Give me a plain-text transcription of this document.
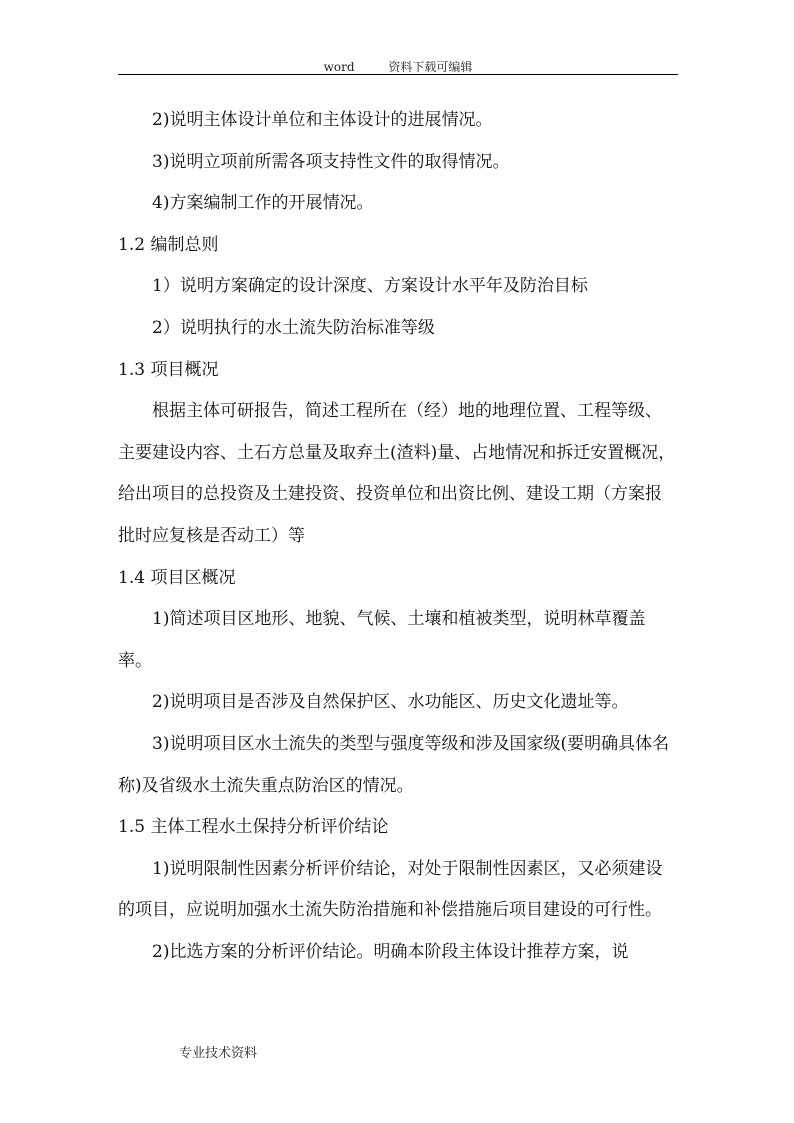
word	资料下载可编辑

2)说明主体设计单位和主体设计的进展情况。

3)说明立项前所需各项支持性文件的取得情况。

4)方案编制工作的开展情况。

1.2 编制总则

1）说明方案确定的设计深度、方案设计水平年及防治目标

2）说明执行的水土流失防治标准等级

1.3 项目概况

根据主体可研报告，简述工程所在（经）地的地理位置、工程等级、主要建设内容、土石方总量及取弃土(渣料)量、占地情况和拆迁安置概况，给出项目的总投资及土建投资、投资单位和出资比例、建设工期（方案报批时应复核是否动工）等

1.4 项目区概况

1)简述项目区地形、地貌、气候、土壤和植被类型，说明林草覆盖率。

2)说明项目是否涉及自然保护区、水功能区、历史文化遗址等。

3)说明项目区水土流失的类型与强度等级和涉及国家级(要明确具体名称)及省级水土流失重点防治区的情况。

1.5 主体工程水土保持分析评价结论

1)说明限制性因素分析评价结论，对处于限制性因素区，又必须建设的项目，应说明加强水土流失防治措施和补偿措施后项目建设的可行性。

2)比选方案的分析评价结论。明确本阶段主体设计推荐方案，说

专业技术资料
